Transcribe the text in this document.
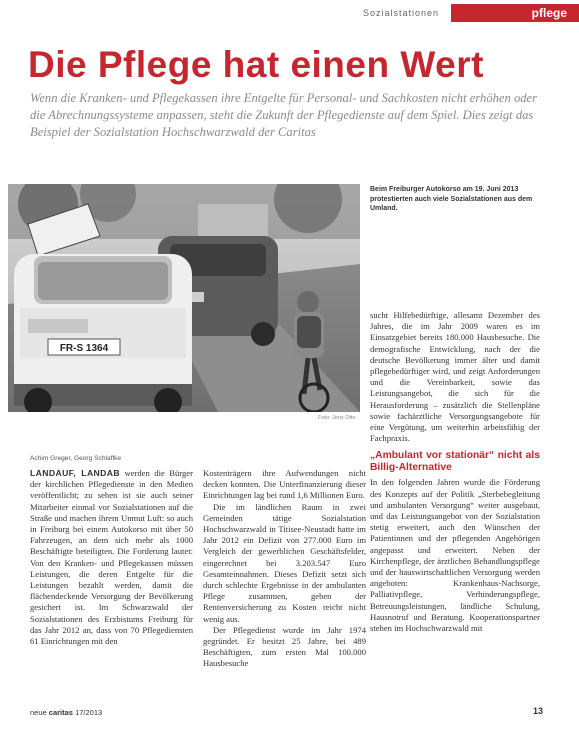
Sozialstationen	pflege
Die Pflege hat einen Wert

Wenn die Kranken- und Pflegekassen ihre Entgelte für Personal- und Sachkosten nicht erhöhen oder die Abrechnungssysteme anpassen, steht die Zukunft der Pflegedienste auf dem Spiel. Dies zeigt das Beispiel der Sozialstation Hochschwarzwald der Caritas

FR-S 1364
Foto: Jens Otto

Beim Freiburger Autokorso am 19. Juni 2013 protestierten auch viele Sozialstationen aus dem Umland.

Achim Greger, Georg Schlaffke

LANDAUF, LANDAB werden die Bürger der kirchlichen Pflegedienste in den Medien veröffentlicht; zu sehen ist sie auch seiner Mitarbeiter einmal vor Sozialstationen auf die Straße und machen ihrem Unmut Luft: so auch in Freiburg bei einem Autokorso mit über 50 Fahrzeugen, an dem sich mehr als 1000 Beschäftigte beteiligten. Die Forderung lautet: Von den Kranken- und Pflegekassen müssen Leistungen, die deren Entgelte für die Leistungen bezahlt werden, damit die flächendeckende Versorgung der Bevölkerung gesichert ist. Im Schwarzwald der Sozialstationen des Erzbistums Freiburg für das Jahr 2012 an, dass von 70 Pflegediensten 61 Einrichtungen mit den

Kostenträgern ihre Aufwendungen nicht decken konnten. Die Unterfinanzierung dieser Einrichtungen lag bei rund 1,6 Millionen Euro.

Die im ländlichen Raum in zwei Gemeinden tätige Sozialstation Hochschwarzwald in Titisee-Neustadt hatte im Jahr 2012 ein Defizit von 277.000 Euro im Vergleich der gewerblichen Geschäftsfelder, eingerechnet bei 3.203.547 Euro Gesamteinnahmen. Dieses Defizit setzt sich durch schlechte Ergebnisse in der ambulanten Pflege zusammen, geben der Rentenversicherung zu Kosten reicht nicht wenig aus.

Der Pflegedienst wurde im Jahr 1974 gegründet. Er besitzt 25 Jahre, bei 489 Beschäftigten, zum ersten Mal 100.000 Hausbesuche

sucht Hilfebedürftige, allesamt Dezember des Jahres, die im Jahr 2009 waren es im Einsatzgebiet bereits 180.000 Hausbesuche. Die demografische Entwicklung, nach der die deutsche Bevölkerung immer älter und damit pflegebedürftiger wird, und zeigt Anforderungen und die Vereinbarkeit, sowie das Leistungsangebot, die sich für die Herausforderung – zusätzlich die Stellenpläne sowie fachärztliche Versorgungsangebote für eine Vergütung, um weiterhin arbeitsfähig der Fachpraxis.

„Ambulant vor stationär“ nicht als Billig-Alternative

In den folgenden Jahren wurde die Förderung des Konzepts auf der Politik „Sterbebegleitung und ambulanten Versorgung“ weiter ausgebaut, und das Leistungsangebot von der Sozialstation stetig erweitert, auch den Wünschen der Patientinnen und der pflegenden Angehörigen angepasst und erweitert. Neben der Kirchenpflege, der ärztlichen Behandlungspflege und der hauswirtschaftlichen Versorgung werden angeboten: Krankenhaus-Nachsorge, Palliativpflege, Verhinderungspflege, Betreuungsleistungen, ländliche Schulung, Hausnotruf und Beratung. Kooperationspartner stehen im Hochschwarzwald mit

neue caritas 17/2013	13
